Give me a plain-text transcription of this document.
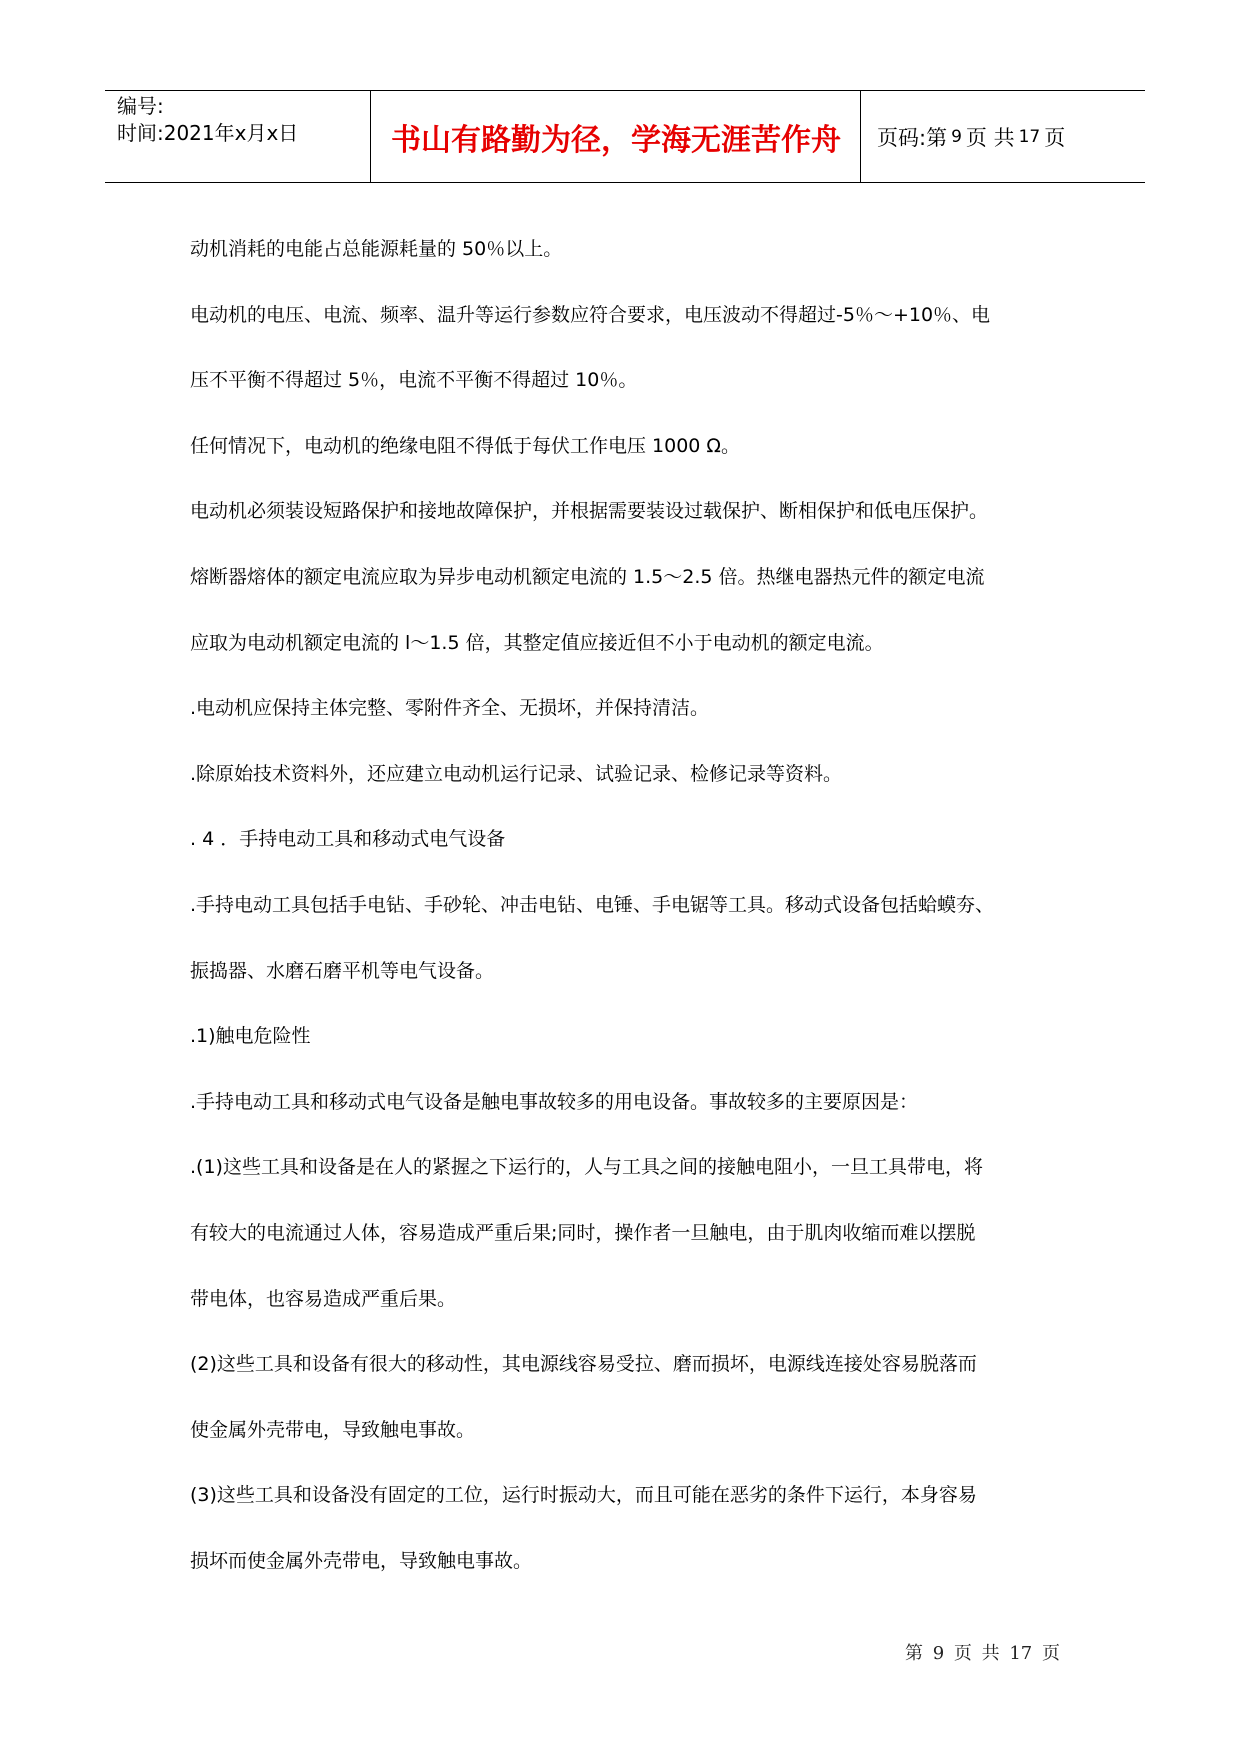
编号:
时间:2021年x月x日	书山有路勤为径，学海无涯苦作舟	页码:第 9 页 共 17 页
动机消耗的电能占总能源耗量的 50％以上。
电动机的电压、电流、频率、温升等运行参数应符合要求，电压波动不得超过-5％～+10％、电
压不平衡不得超过 5％，电流不平衡不得超过 10％。
任何情况下，电动机的绝缘电阻不得低于每伏工作电压 1000 Ω。
电动机必须装设短路保护和接地故障保护，并根据需要装设过载保护、断相保护和低电压保护。
熔断器熔体的额定电流应取为异步电动机额定电流的 1.5～2.5 倍。热继电器热元件的额定电流
应取为电动机额定电流的 l～1.5 倍，其整定值应接近但不小于电动机的额定电流。
.电动机应保持主体完整、零附件齐全、无损坏，并保持清洁。
.除原始技术资料外，还应建立电动机运行记录、试验记录、检修记录等资料。
. 4 ．手持电动工具和移动式电气设备
.手持电动工具包括手电钻、手砂轮、冲击电钻、电锤、手电锯等工具。移动式设备包括蛤蟆夯、
振捣器、水磨石磨平机等电气设备。
.1)触电危险性
.手持电动工具和移动式电气设备是触电事故较多的用电设备。事故较多的主要原因是：
.(1)这些工具和设备是在人的紧握之下运行的，人与工具之间的接触电阻小，一旦工具带电，将
有较大的电流通过人体，容易造成严重后果;同时，操作者一旦触电，由于肌肉收缩而难以摆脱
带电体，也容易造成严重后果。
(2)这些工具和设备有很大的移动性，其电源线容易受拉、磨而损坏，电源线连接处容易脱落而
使金属外壳带电，导致触电事故。
(3)这些工具和设备没有固定的工位，运行时振动大，而且可能在恶劣的条件下运行，本身容易
损坏而使金属外壳带电，导致触电事故。
第 9 页 共 17 页
